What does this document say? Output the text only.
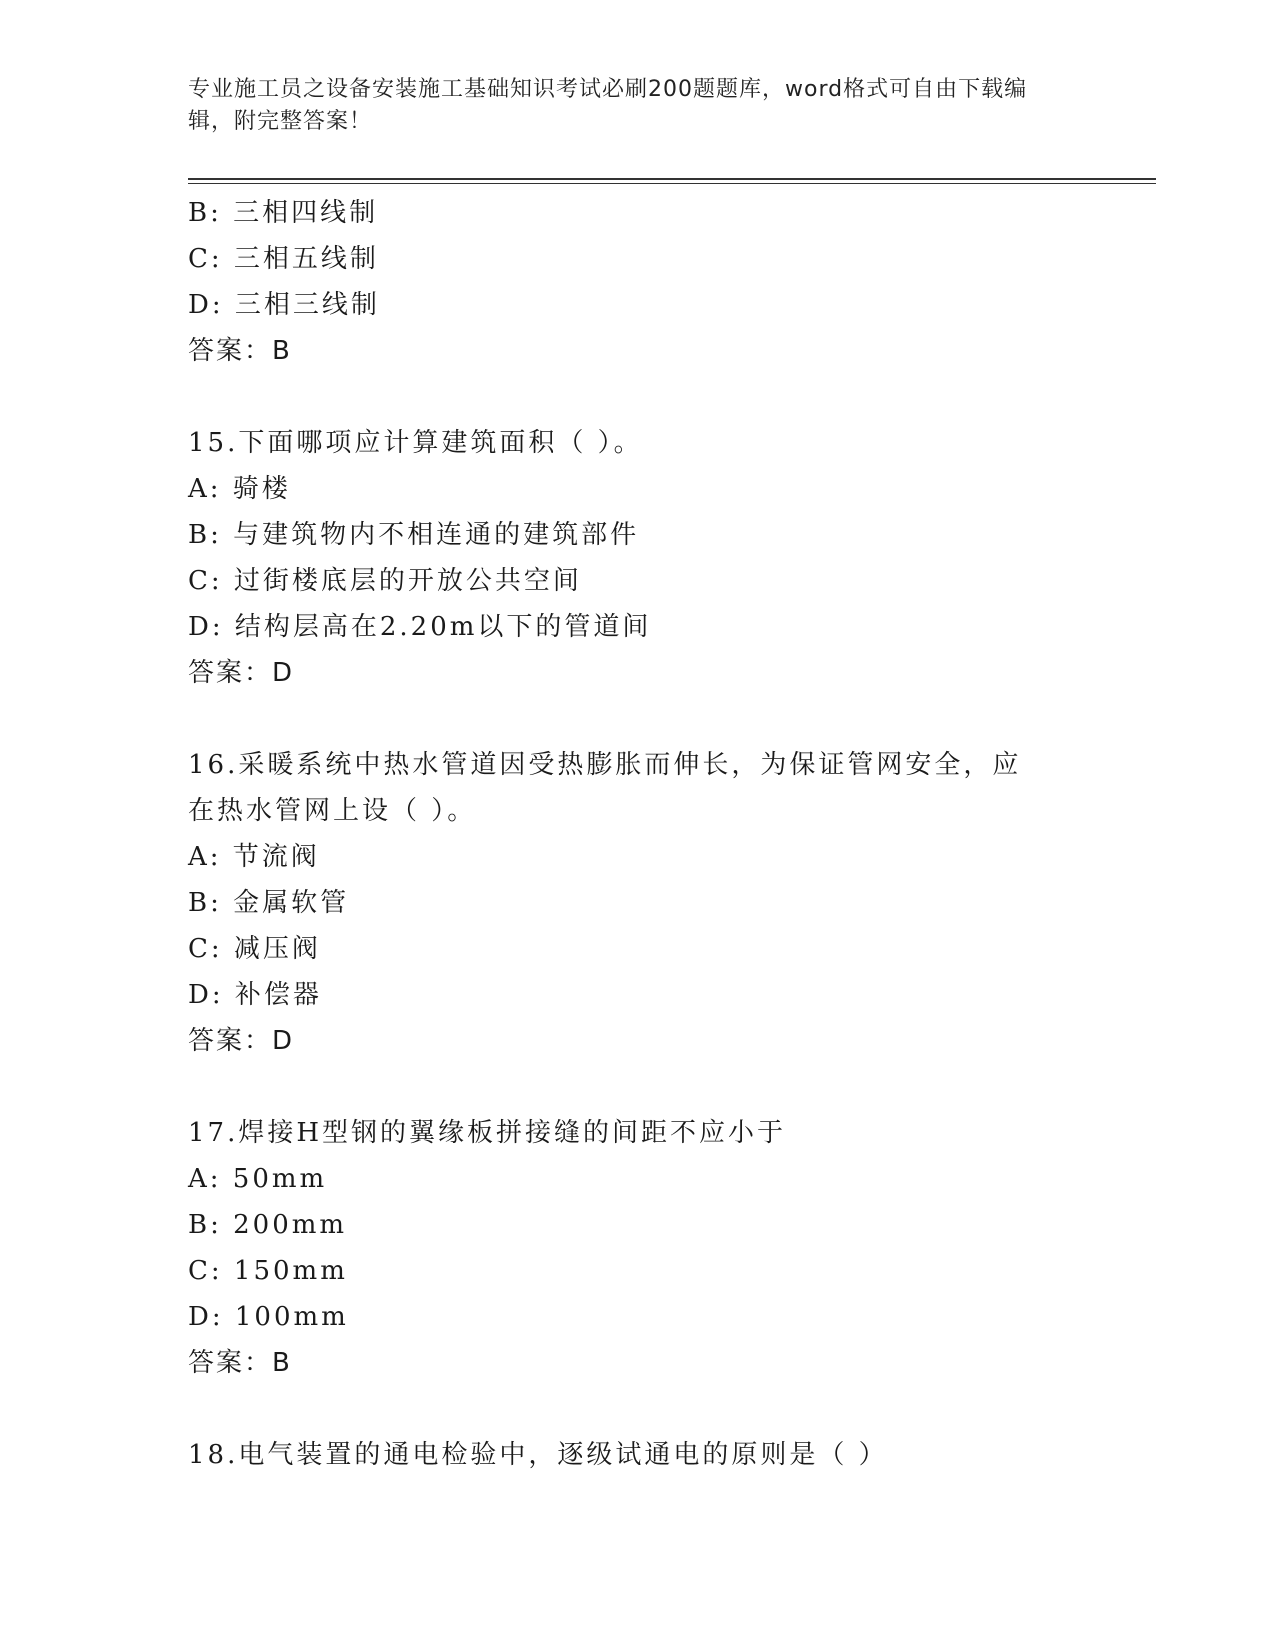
专业施工员之设备安装施工基础知识考试必刷200题题库，word格式可自由下载编辑，附完整答案！
B: 三相四线制
C: 三相五线制
D: 三相三线制
答案：B
15.下面哪项应计算建筑面积（ ）。
A: 骑楼
B: 与建筑物内不相连通的建筑部件
C: 过街楼底层的开放公共空间
D: 结构层高在2.20m以下的管道间
答案：D
16.采暖系统中热水管道因受热膨胀而伸长，为保证管网安全，应在热水管网上设（ ）。
A: 节流阀
B: 金属软管
C: 减压阀
D: 补偿器
答案：D
17.焊接H型钢的翼缘板拼接缝的间距不应小于
A: 50mm
B: 200mm
C: 150mm
D: 100mm
答案：B
18.电气装置的通电检验中，逐级试通电的原则是（ ）
